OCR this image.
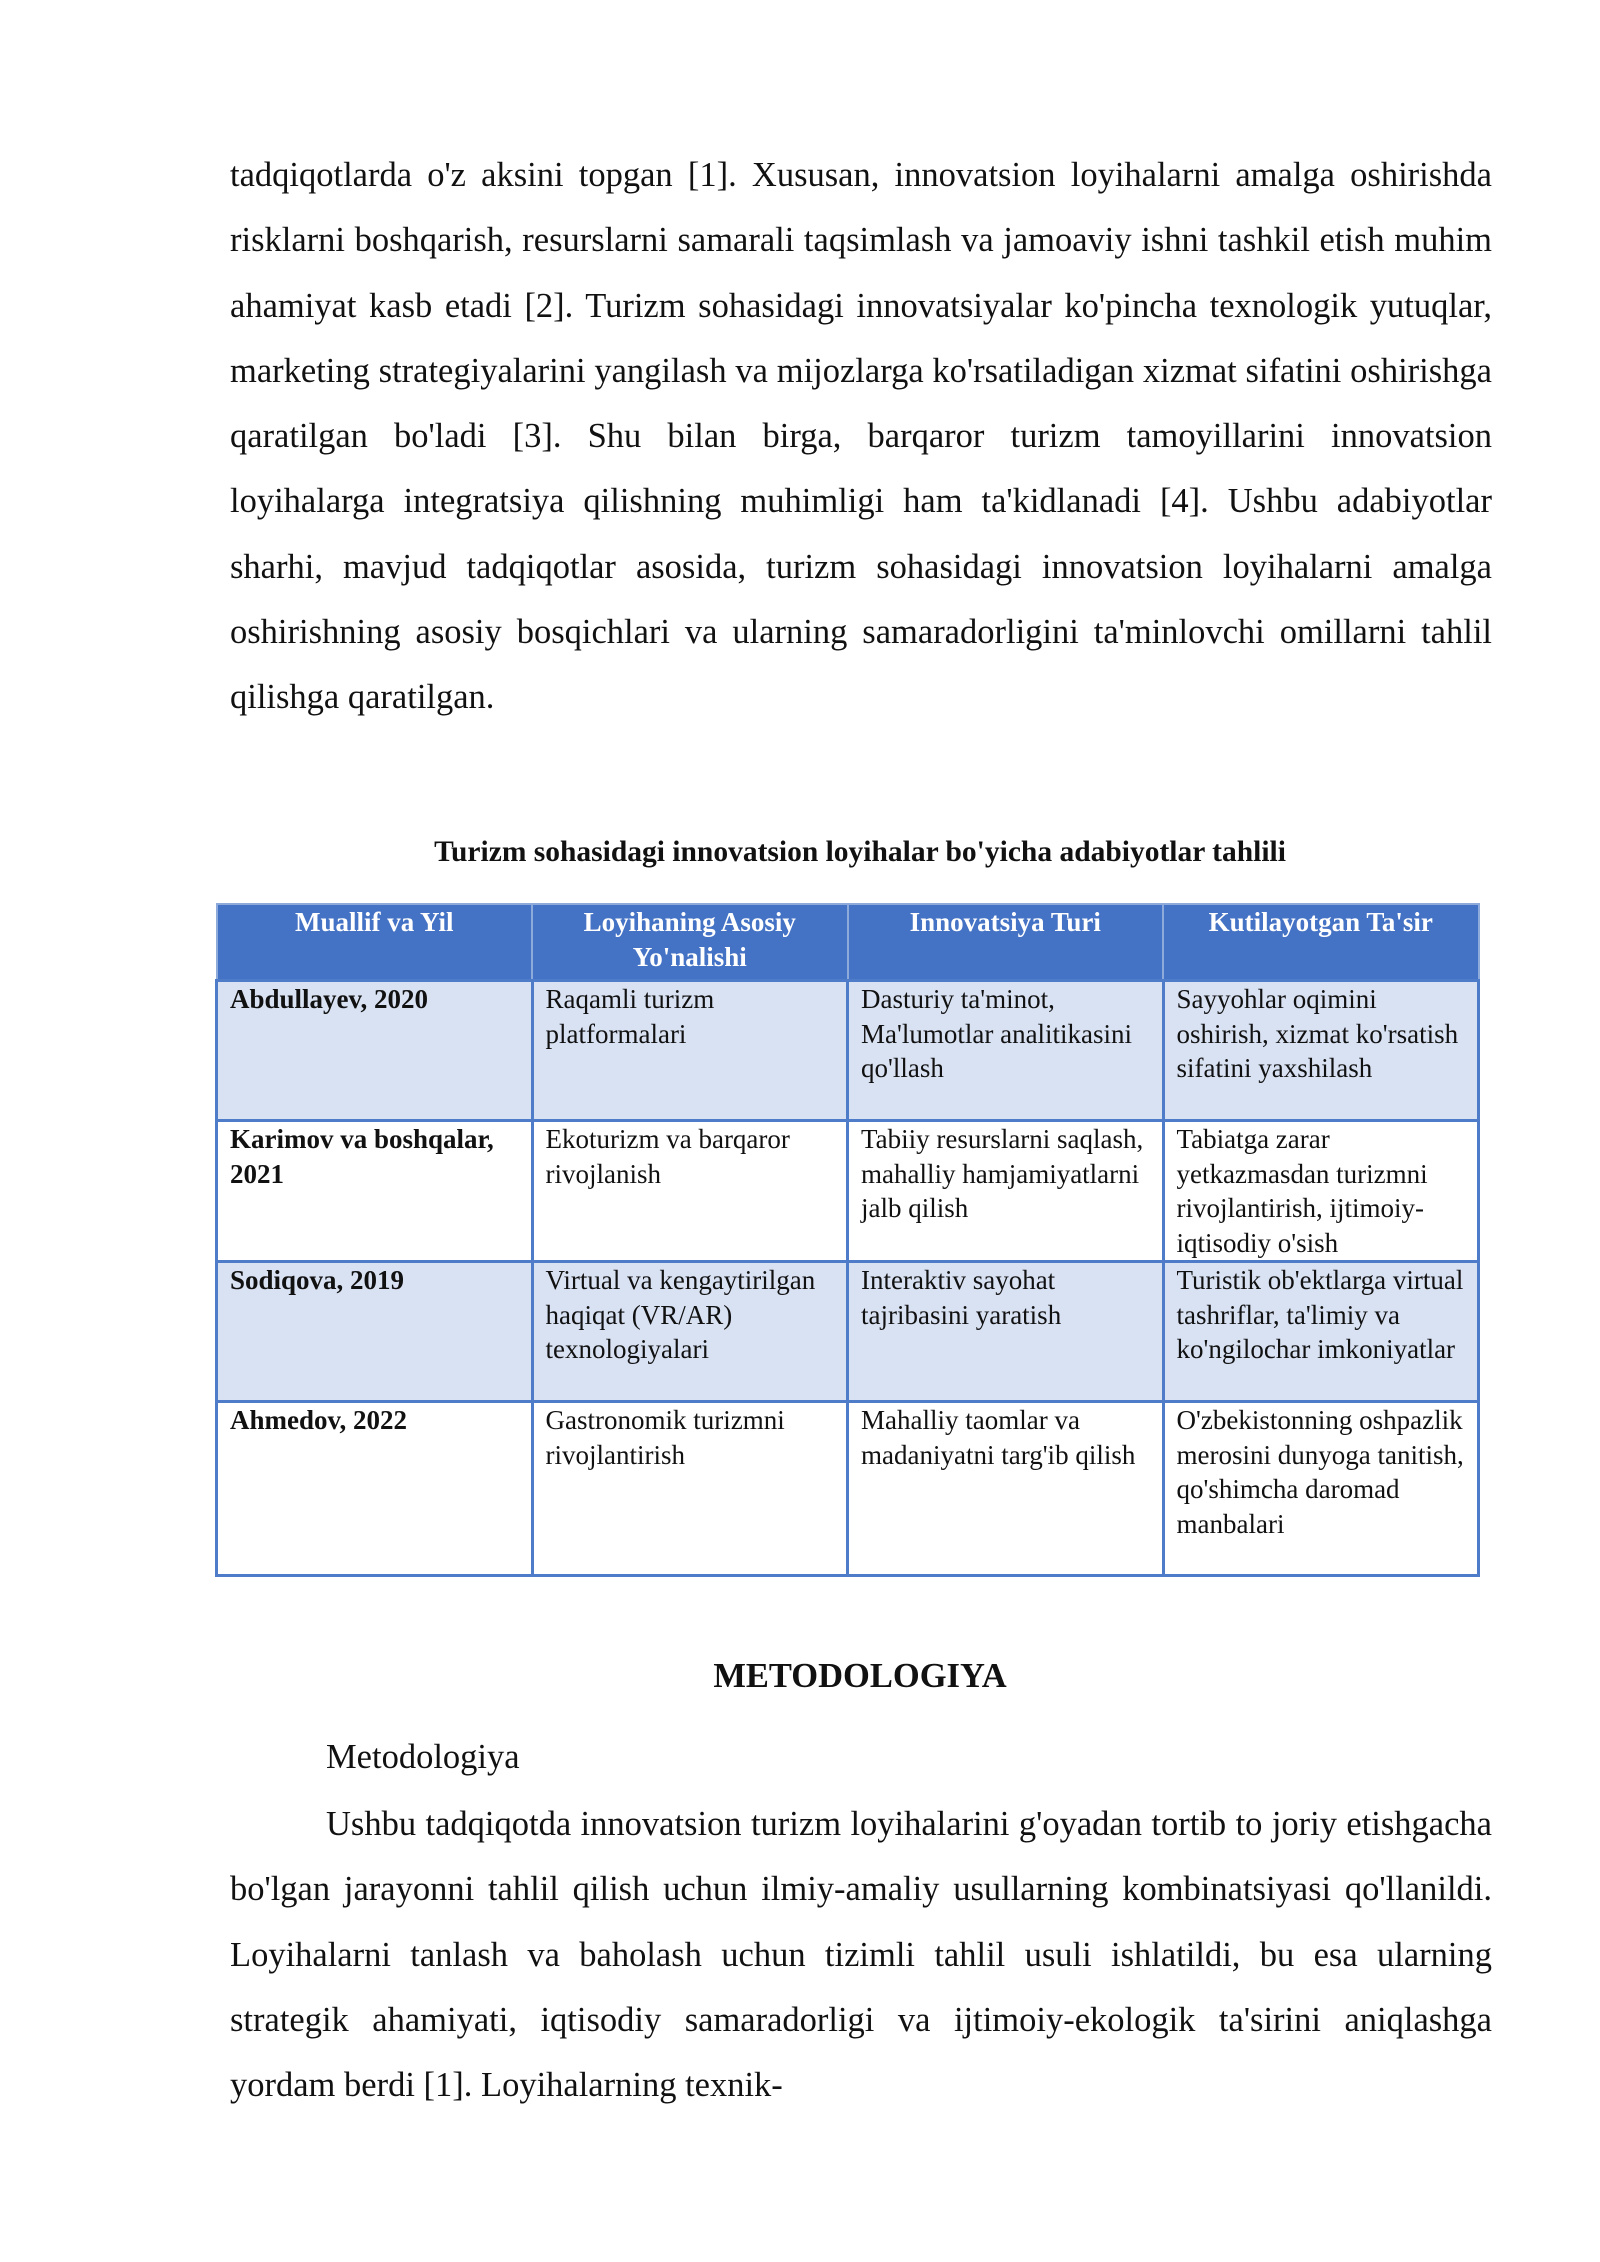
tadqiqotlarda o'z aksini topgan [1]. Xususan, innovatsion loyihalarni amalga oshirishda risklarni boshqarish, resurslarni samarali taqsimlash va jamoaviy ishni tashkil etish muhim ahamiyat kasb etadi [2]. Turizm sohasidagi innovatsiyalar ko'pincha texnologik yutuqlar, marketing strategiyalarini yangilash va mijozlarga ko'rsatiladigan xizmat sifatini oshirishga qaratilgan bo'ladi [3]. Shu bilan birga, barqaror turizm tamoyillarini innovatsion loyihalarga integratsiya qilishning muhimligi ham ta'kidlanadi [4]. Ushbu adabiyotlar sharhi, mavjud tadqiqotlar asosida, turizm sohasidagi innovatsion loyihalarni amalga oshirishning asosiy bosqichlari va ularning samaradorligini ta'minlovchi omillarni tahlil qilishga qaratilgan.

Turizm sohasidagi innovatsion loyihalar bo'yicha adabiyotlar tahlili
Muallif va Yil	Loyihaning Asosiy Yo'nalishi	Innovatsiya Turi	Kutilayotgan Ta'sir
Abdullayev, 2020	Raqamli turizm platformalari	Dasturiy ta'minot, Ma'lumotlar analitikasini qo'llash	Sayyohlar oqimini oshirish, xizmat ko'rsatish sifatini yaxshilash
Karimov va boshqalar, 2021	Ekoturizm va barqaror rivojlanish	Tabiiy resurslarni saqlash, mahalliy hamjamiyatlarni jalb qilish	Tabiatga zarar yetkazmasdan turizmni rivojlantirish, ijtimoiy-iqtisodiy o'sish
Sodiqova, 2019	Virtual va kengaytirilgan haqiqat (VR/AR) texnologiyalari	Interaktiv sayohat tajribasini yaratish	Turistik ob'ektlarga virtual tashriflar, ta'limiy va ko'ngilochar imkoniyatlar
Ahmedov, 2022	Gastronomik turizmni rivojlantirish	Mahalliy taomlar va madaniyatni targ'ib qilish	O'zbekistonning oshpazlik merosini dunyoga tanitish, qo'shimcha daromad manbalari
METODOLOGIYA
Metodologiya

Ushbu tadqiqotda innovatsion turizm loyihalarini g'oyadan tortib to joriy etishgacha bo'lgan jarayonni tahlil qilish uchun ilmiy-amaliy usullarning kombinatsiyasi qo'llanildi. Loyihalarni tanlash va baholash uchun tizimli tahlil usuli ishlatildi, bu esa ularning strategik ahamiyati, iqtisodiy samaradorligi va ijtimoiy-ekologik ta'sirini aniqlashga yordam berdi [1]. Loyihalarning texnik-
